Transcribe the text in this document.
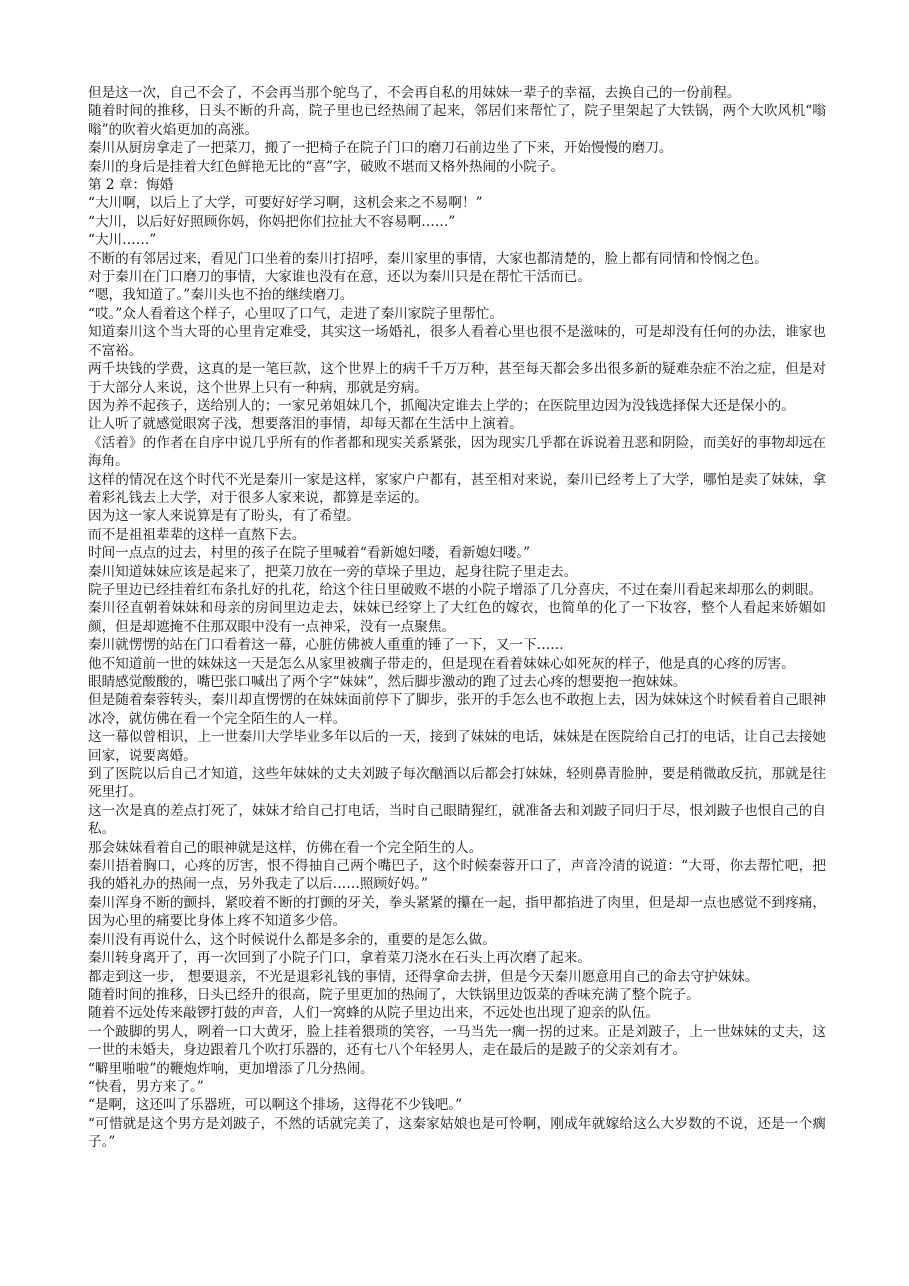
但是这一次，自己不会了，不会再当那个鸵鸟了，不会再自私的用妹妹一辈子的幸福，去换自己的一份前程。

随着时间的推移，日头不断的升高，院子里也已经热闹了起来，邻居们来帮忙了，院子里架起了大铁锅，两个大吹风机“嗡嗡”的吹着火焰更加的高涨。

秦川从厨房拿走了一把菜刀，搬了一把椅子在院子门口的磨刀石前边坐了下来，开始慢慢的磨刀。

秦川的身后是挂着大红色鲜艳无比的“喜”字，破败不堪而又格外热闹的小院子。

第 2 章：悔婚

“大川啊，以后上了大学，可要好好学习啊，这机会来之不易啊！”

“大川，以后好好照顾你妈，你妈把你们拉扯大不容易啊……”

“大川……”

不断的有邻居过来，看见门口坐着的秦川打招呼，秦川家里的事情，大家也都清楚的，脸上都有同情和怜悯之色。

对于秦川在门口磨刀的事情，大家谁也没有在意，还以为秦川只是在帮忙干活而已。

“嗯，我知道了。”秦川头也不抬的继续磨刀。

“哎。”众人看着这个样子，心里叹了口气，走进了秦川家院子里帮忙。

知道秦川这个当大哥的心里肯定难受，其实这一场婚礼，很多人看着心里也很不是滋味的，可是却没有任何的办法，谁家也不富裕。

两千块钱的学费，这真的是一笔巨款，这个世界上的病千千万万种，甚至每天都会多出很多新的疑难杂症不治之症，但是对于大部分人来说，这个世界上只有一种病，那就是穷病。

因为养不起孩子，送给别人的；一家兄弟姐妹几个，抓阄决定谁去上学的；在医院里边因为没钱选择保大还是保小的。

让人听了就感觉眼窝子浅，想要落泪的事情，却每天都在生活中上演着。

《活着》的作者在自序中说几乎所有的作者都和现实关系紧张，因为现实几乎都在诉说着丑恶和阴险，而美好的事物却远在海角。

这样的情况在这个时代不光是秦川一家是这样，家家户户都有，甚至相对来说，秦川已经考上了大学，哪怕是卖了妹妹，拿着彩礼钱去上大学，对于很多人家来说，都算是幸运的。

因为这一家人来说算是有了盼头，有了希望。

而不是祖祖辈辈的这样一直熬下去。

时间一点点的过去，村里的孩子在院子里喊着“看新媳妇喽，看新媳妇喽。”

秦川知道妹妹应该是起来了，把菜刀放在一旁的草垛子里边，起身往院子里走去。

院子里边已经挂着红布条扎好的扎花，给这个往日里破败不堪的小院子增添了几分喜庆，不过在秦川看起来却那么的刺眼。

秦川径直朝着妹妹和母亲的房间里边走去，妹妹已经穿上了大红色的嫁衣，也简单的化了一下妆容，整个人看起来娇媚如颜，但是却遮掩不住那双眼中没有一点神采，没有一点聚焦。

秦川就愣愣的站在门口看着这一幕，心脏仿佛被人重重的锤了一下，又一下……

他不知道前一世的妹妹这一天是怎么从家里被瘸子带走的，但是现在看着妹妹心如死灰的样子，他是真的心疼的厉害。

眼睛感觉酸酸的，嘴巴张口喊出了两个字“妹妹”，然后脚步激动的跑了过去心疼的想要抱一抱妹妹。

但是随着秦蓉转头，秦川却直愣愣的在妹妹面前停下了脚步，张开的手怎么也不敢抱上去，因为妹妹这个时候看着自己眼神冰冷，就仿佛在看一个完全陌生的人一样。

这一幕似曾相识，上一世秦川大学毕业多年以后的一天，接到了妹妹的电话，妹妹是在医院给自己打的电话，让自己去接她回家，说要离婚。

到了医院以后自己才知道，这些年妹妹的丈夫刘跛子每次酗酒以后都会打妹妹，轻则鼻青脸肿，要是稍微敢反抗，那就是往死里打。

这一次是真的差点打死了，妹妹才给自己打电话，当时自己眼睛猩红，就准备去和刘跛子同归于尽，恨刘跛子也恨自己的自私。

那会妹妹看着自己的眼神就是这样，仿佛在看一个完全陌生的人。

秦川捂着胸口，心疼的厉害，恨不得抽自己两个嘴巴子，这个时候秦蓉开口了，声音冷清的说道：“大哥，你去帮忙吧，把我的婚礼办的热闹一点，另外我走了以后……照顾好妈。”

秦川浑身不断的颤抖，紧咬着不断的打颤的牙关，拳头紧紧的攥在一起，指甲都掐进了肉里，但是却一点也感觉不到疼痛，因为心里的痛要比身体上疼不知道多少倍。

秦川没有再说什么，这个时候说什么都是多余的，重要的是怎么做。

秦川转身离开了，再一次回到了小院子门口，拿着菜刀浇水在石头上再次磨了起来。

都走到这一步， 想要退亲，不光是退彩礼钱的事情，还得拿命去拼，但是今天秦川愿意用自己的命去守护妹妹。

随着时间的推移，日头已经升的很高，院子里更加的热闹了，大铁锅里边饭菜的香味充满了整个院子。

随着不远处传来敲锣打鼓的声音，人们一窝蜂的从院子里边出来，不远处也出现了迎亲的队伍。

一个跛脚的男人，咧着一口大黄牙，脸上挂着猥琐的笑容，一马当先一瘸一拐的过来。正是刘跛子，上一世妹妹的丈夫，这一世的未婚夫，身边跟着几个吹打乐器的，还有七八个年轻男人，走在最后的是跛子的父亲刘有才。

“噼里啪啦”的鞭炮炸响，更加增添了几分热闹。

“快看，男方来了。”

“是啊，这还叫了乐器班，可以啊这个排场，这得花不少钱吧。”

“可惜就是这个男方是刘跛子，不然的话就完美了，这秦家姑娘也是可怜啊，刚成年就嫁给这么大岁数的不说，还是一个瘸子。”
